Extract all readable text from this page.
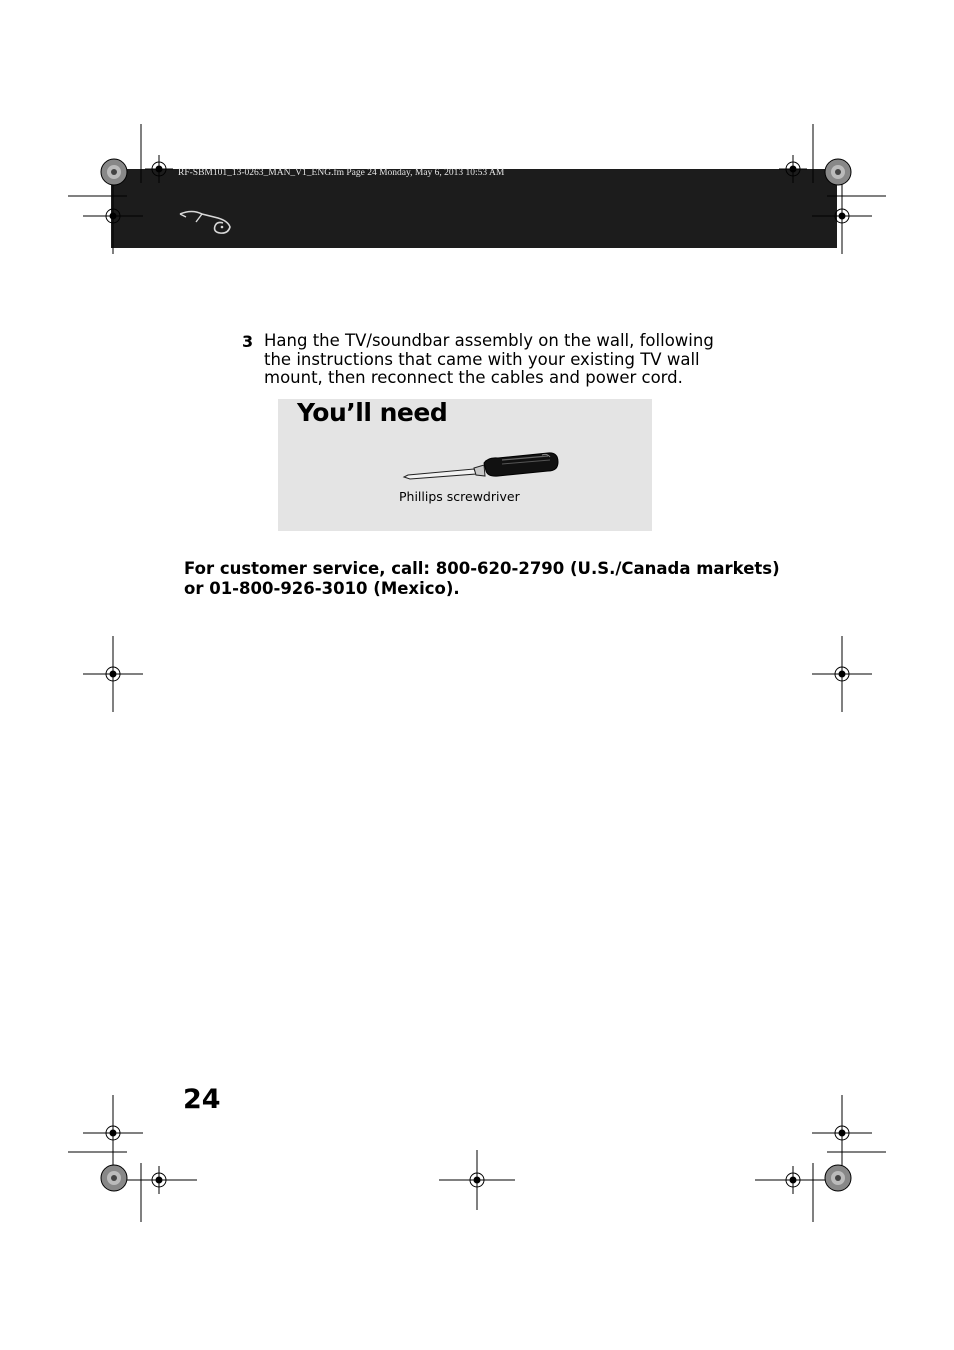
RF-SBM101_13-0263_MAN_V1_ENG.fm Page 24 Monday, May 6, 2013 10:53 AM
3 Hang the TV/soundbar assembly on the wall, following the instructions that came with your existing TV wall mount, then reconnect the cables and power cord.
You’ll need
Phillips screwdriver
For customer service, call: 800-620-2790 (U.S./Canada markets) or 01-800-926-3010 (Mexico).
24
